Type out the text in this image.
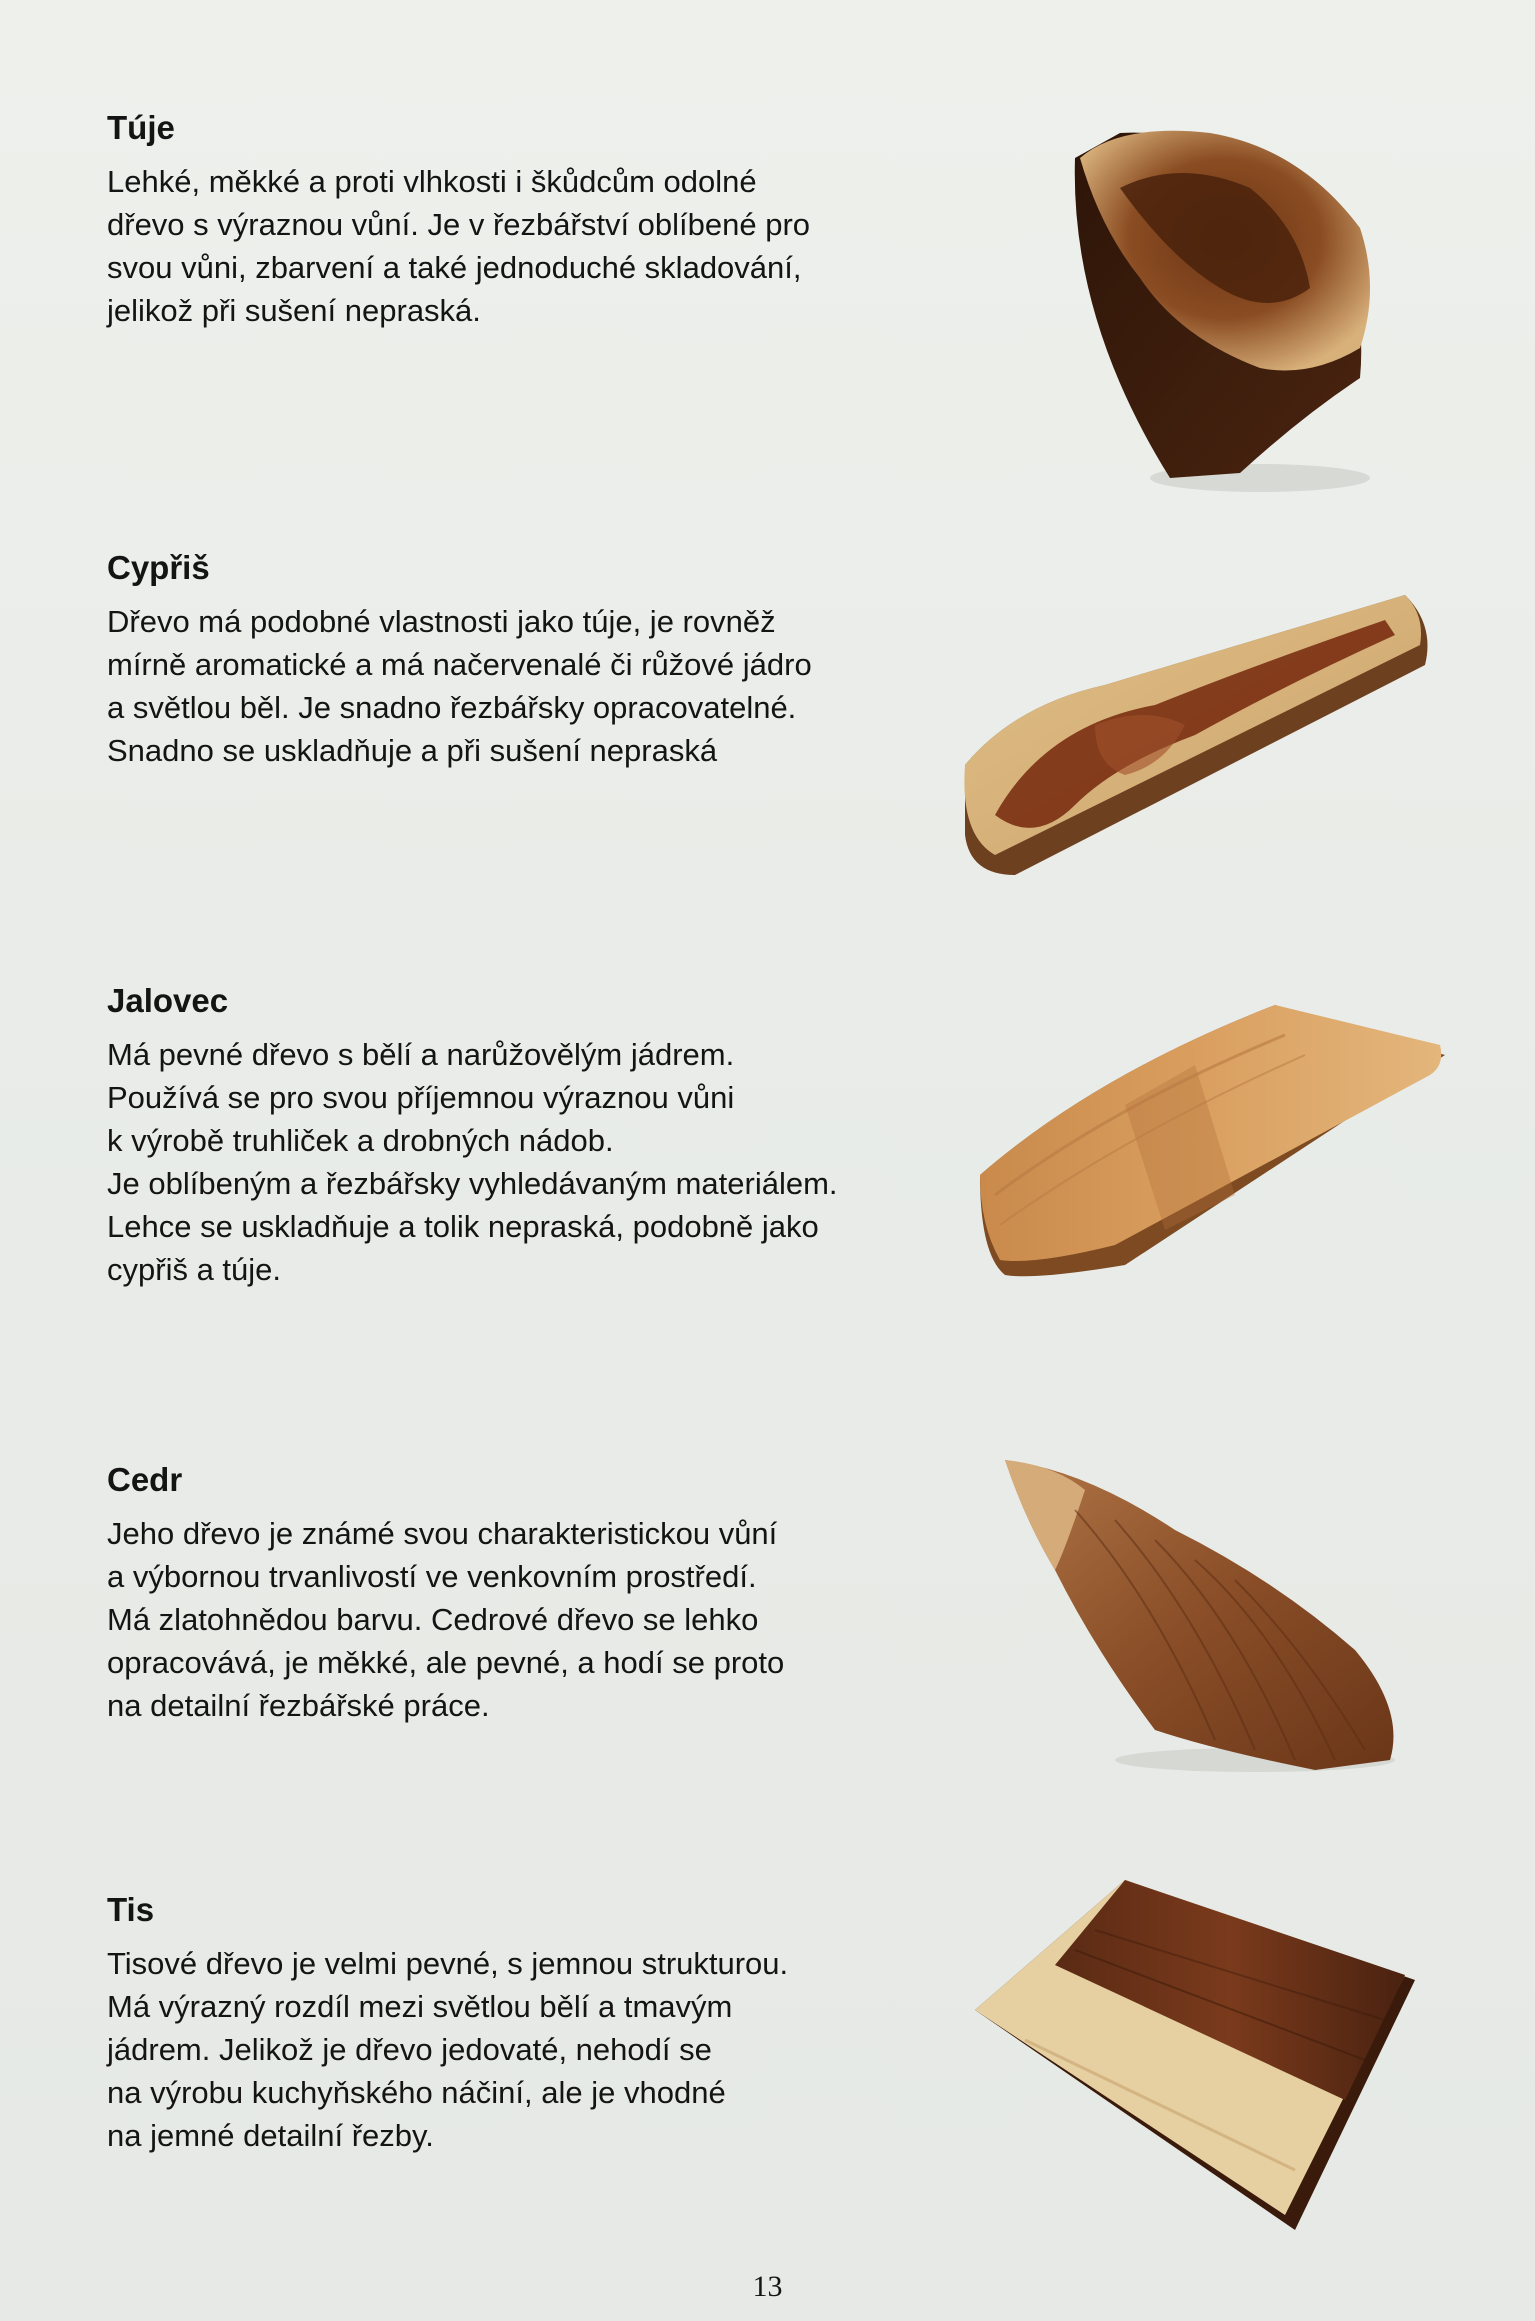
Túje

Lehké, měkké a proti vlhkosti i škůdcům odolné
dřevo s výraznou vůní. Je v řezbářství oblíbené pro
svou vůni, zbarvení a také jednoduché skladování,
jelikož při sušení nepraská.

Cypřiš

Dřevo má podobné vlastnosti jako túje, je rovněž
mírně aromatické a má načervenalé či růžové jádro
a světlou běl. Je snadno řezbářsky opracovatelné.
Snadno se uskladňuje a při sušení nepraská

Jalovec

Má pevné dřevo s bělí a narůžovělým jádrem.
Používá se pro svou příjemnou výraznou vůni
k výrobě truhliček a drobných nádob.
Je oblíbeným a řezbářsky vyhledávaným materiálem.
Lehce se uskladňuje a tolik nepraská, podobně jako
cypřiš a túje.

Cedr

Jeho dřevo je známé svou charakteristickou vůní
a výbornou trvanlivostí ve venkovním prostředí.
Má zlatohnědou barvu. Cedrové dřevo se lehko
opracovává, je měkké, ale pevné, a hodí se proto
na detailní řezbářské práce.

Tis

Tisové dřevo je velmi pevné, s jemnou strukturou.
Má výrazný rozdíl mezi světlou bělí a tmavým
jádrem. Jelikož je dřevo jedovaté, nehodí se
na výrobu kuchyňského náčiní, ale je vhodné
na jemné detailní řezby.

13
